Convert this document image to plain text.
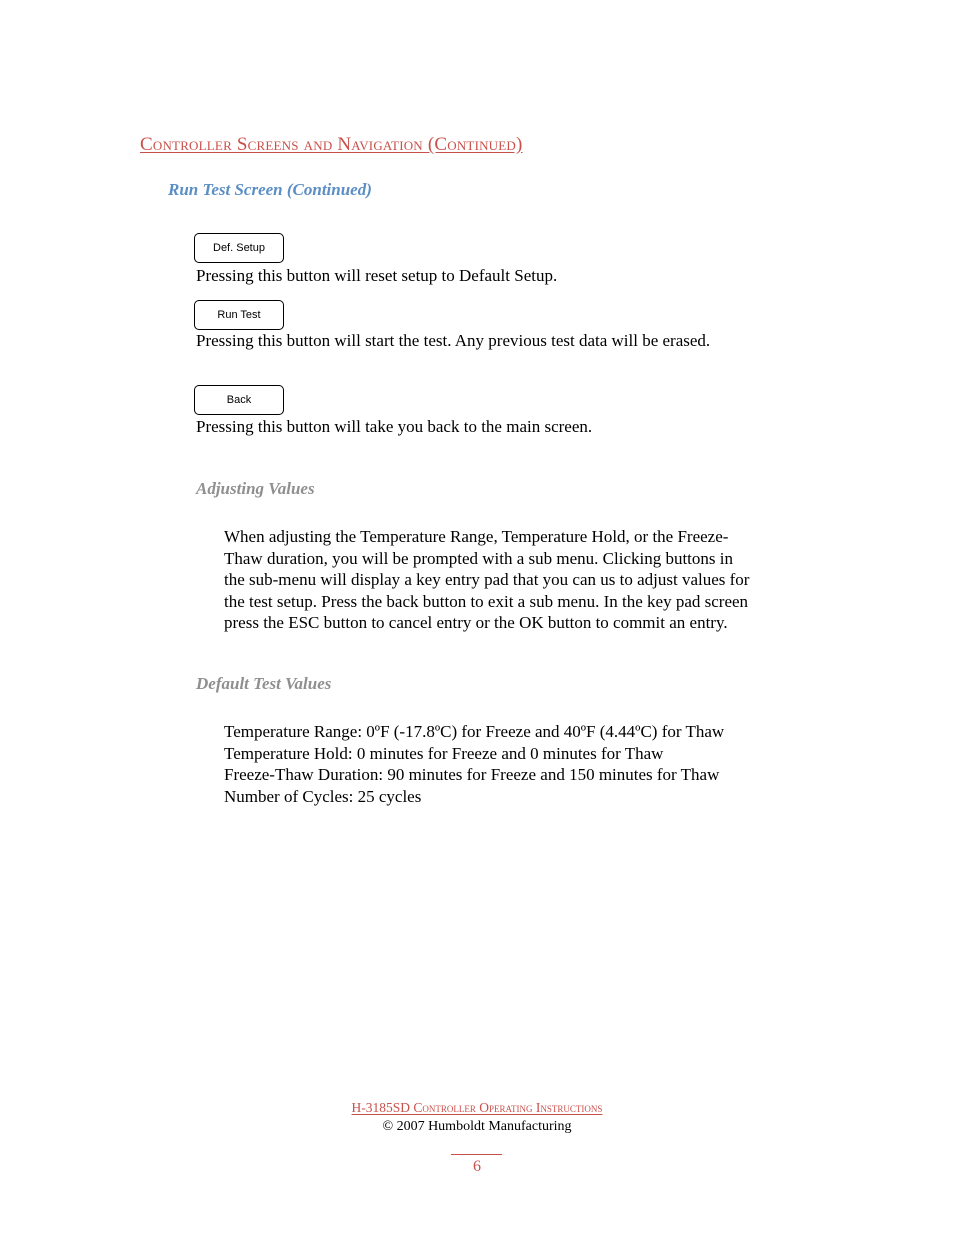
Controller Screens and Navigation (Continued)
Run Test Screen (Continued)
Def. Setup
Pressing this button will reset setup to Default Setup.
Run Test
Pressing this button will start the test. Any previous test data will be erased.
Back
Pressing this button will take you back to the main screen.
Adjusting Values
When adjusting the Temperature Range, Temperature Hold, or the Freeze-
Thaw duration, you will be prompted with a sub menu. Clicking buttons in
the sub-menu will display a key entry pad that you can us to adjust values for
the test setup. Press the back button to exit a sub menu. In the key pad screen
press the ESC button to cancel entry or the OK button to commit an entry.
Default Test Values
Temperature Range: 0ºF (-17.8ºC) for Freeze and 40ºF (4.44ºC) for Thaw
Temperature Hold: 0 minutes for Freeze and 0 minutes for Thaw
Freeze-Thaw Duration: 90 minutes for Freeze and 150 minutes for Thaw
Number of Cycles: 25 cycles
H-3185SD Controller Operating Instructions
© 2007 Humboldt Manufacturing
6
